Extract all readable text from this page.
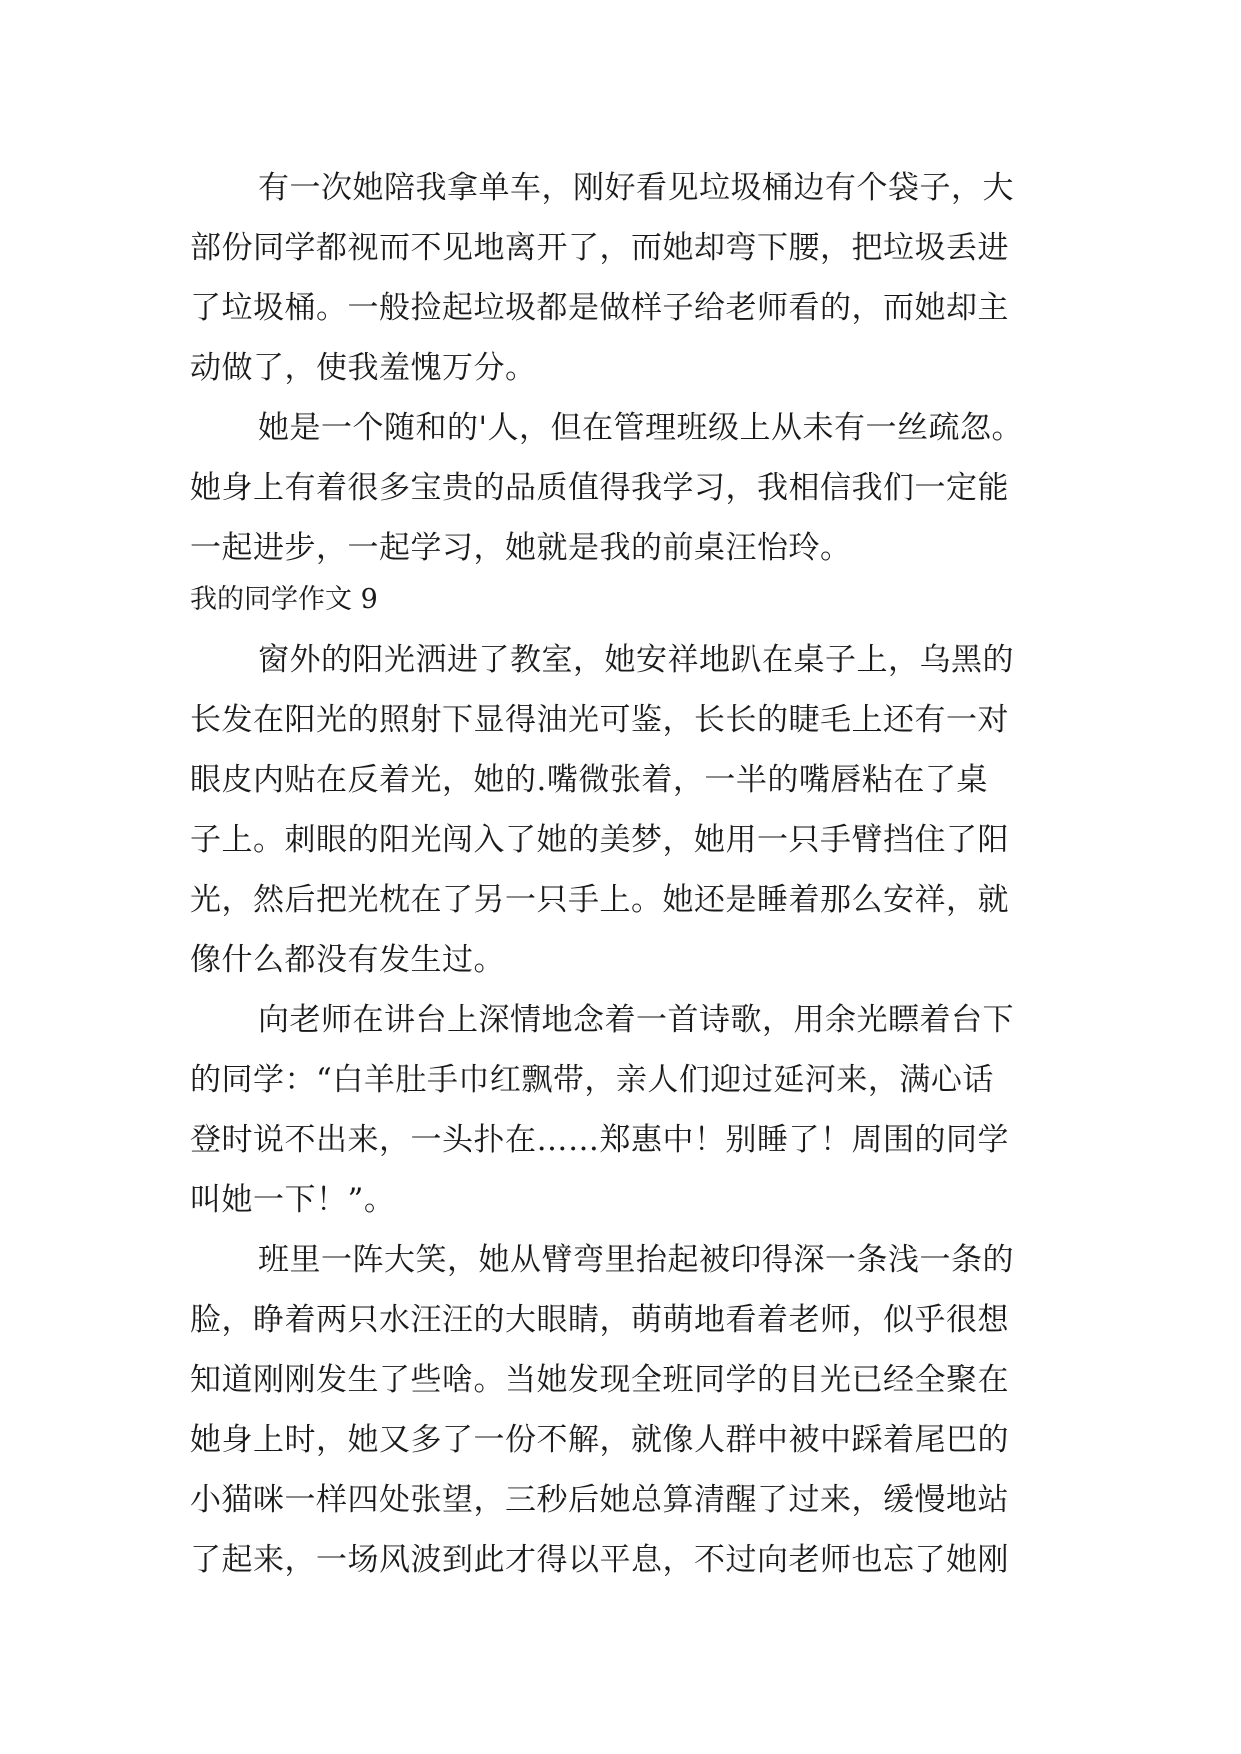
有一次她陪我拿单车，刚好看见垃圾桶边有个袋子，大
部份同学都视而不见地离开了，而她却弯下腰，把垃圾丢进
了垃圾桶。一般捡起垃圾都是做样子给老师看的，而她却主
动做了，使我羞愧万分。
她是一个随和的'人，但在管理班级上从未有一丝疏忽。
她身上有着很多宝贵的品质值得我学习，我相信我们一定能
一起进步，一起学习，她就是我的前桌汪怡玲。
我的同学作文 9
窗外的阳光洒进了教室，她安祥地趴在桌子上，乌黑的
长发在阳光的照射下显得油光可鉴，长长的睫毛上还有一对
眼皮内贴在反着光，她的.嘴微张着，一半的嘴唇粘在了桌
子上。刺眼的阳光闯入了她的美梦，她用一只手臂挡住了阳
光，然后把光枕在了另一只手上。她还是睡着那么安祥，就
像什么都没有发生过。
向老师在讲台上深情地念着一首诗歌，用余光瞟着台下
的同学：“白羊肚手巾红飘带，亲人们迎过延河来，满心话
登时说不出来，一头扑在……郑惠中！别睡了！周围的同学
叫她一下！”。
班里一阵大笑，她从臂弯里抬起被印得深一条浅一条的
脸，睁着两只水汪汪的大眼睛，萌萌地看着老师，似乎很想
知道刚刚发生了些啥。当她发现全班同学的目光已经全聚在
她身上时，她又多了一份不解，就像人群中被中踩着尾巴的
小猫咪一样四处张望，三秒后她总算清醒了过来，缓慢地站
了起来，一场风波到此才得以平息，不过向老师也忘了她刚
